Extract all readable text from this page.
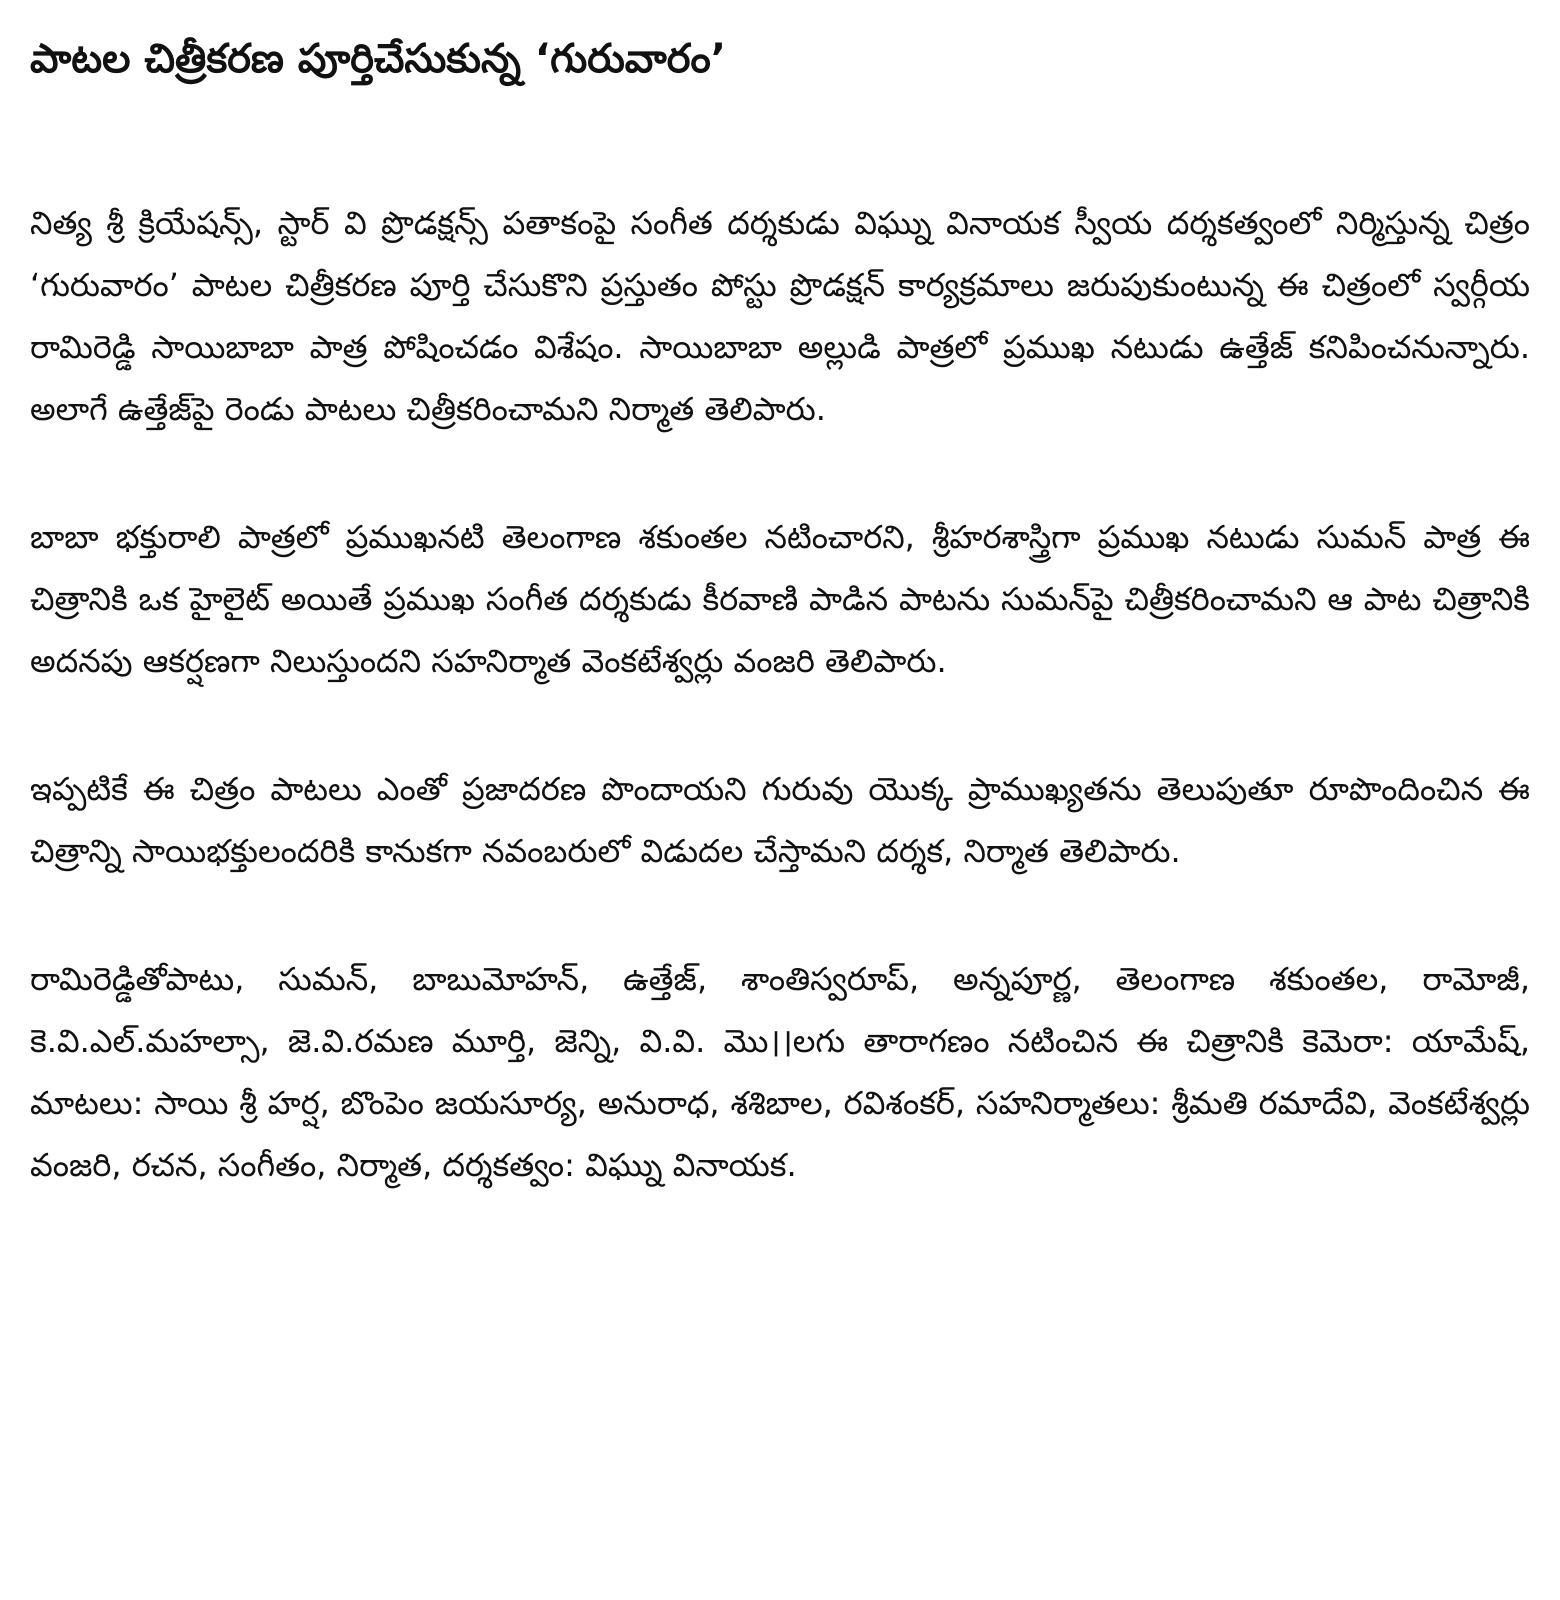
పాటల చిత్రీకరణ పూర్తిచేసుకున్న ‘గురువారం’

నిత్య శ్రీ క్రియేషన్స్, స్టార్ వి ప్రొడక్షన్స్ పతాకంపై సంగీత దర్శకుడు విఘ్ను వినాయక స్వీయ దర్శకత్వంలో నిర్మిస్తున్న చిత్రం ‘గురువారం’ పాటల చిత్రీకరణ పూర్తి చేసుకొని ప్రస్తుతం పోస్టు ప్రొడక్షన్ కార్యక్రమాలు జరుపుకుంటున్న ఈ చిత్రంలో స్వర్గీయ రామిరెడ్డి సాయిబాబా పాత్ర పోషించడం విశేషం. సాయిబాబా అల్లుడి పాత్రలో ప్రముఖ నటుడు ఉత్తేజ్ కనిపించనున్నారు. అలాగే ఉత్తేజ్‌పై రెండు పాటలు చిత్రీకరించామని నిర్మాత తెలిపారు.

బాబా భక్తురాలి పాత్రలో ప్రముఖనటి తెలంగాణ శకుంతల నటించారని, శ్రీహరశాస్త్రిగా ప్రముఖ నటుడు సుమన్ పాత్ర ఈ చిత్రానికి ఒక హైలైట్ అయితే ప్రముఖ సంగీత దర్శకుడు కీరవాణి పాడిన పాటను సుమన్‌పై చిత్రీకరించామని ఆ పాట చిత్రానికి అదనపు ఆకర్షణగా నిలుస్తుందని సహనిర్మాత వెంకటేశ్వర్లు వంజరి తెలిపారు.

ఇప్పటికే ఈ చిత్రం పాటలు ఎంతో ప్రజాదరణ పొందాయని గురువు యొక్క ప్రాముఖ్యతను తెలుపుతూ రూపొందించిన ఈ చిత్రాన్ని సాయిభక్తులందరికి కానుకగా నవంబరులో విడుదల చేస్తామని దర్శక, నిర్మాత తెలిపారు.

రామిరెడ్డితోపాటు, సుమన్, బాబుమోహన్, ఉత్తేజ్, శాంతిస్వరూప్, అన్నపూర్ణ, తెలంగాణ శకుంతల, రామోజీ, కె.వి.ఎల్.మహల్సా, జె.వి.రమణ మూర్తి, జెన్ని, వి.వి. మొ।।లగు తారాగణం నటించిన ఈ చిత్రానికి కెమెరా: యామేష్, మాటలు: సాయి శ్రీ హర్ష, బొంపెం జయసూర్య, అనురాధ, శశిబాల, రవిశంకర్, సహనిర్మాతలు: శ్రీమతి రమాదేవి, వెంకటేశ్వర్లు వంజరి, రచన, సంగీతం, నిర్మాత, దర్శకత్వం: విఘ్ను వినాయక.
